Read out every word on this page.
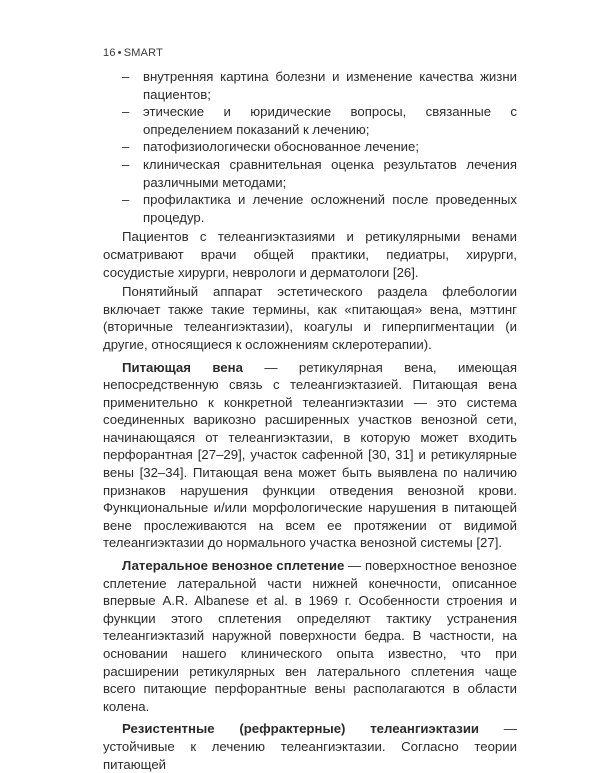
16 • SMART
– внутренняя картина болезни и изменение качества жизни пациентов;
– этические и юридические вопросы, связанные с определением показаний к лечению;
– патофизиологически обоснованное лечение;
– клиническая сравнительная оценка результатов лечения различными методами;
– профилактика и лечение осложнений после проведенных процедур.

Пациентов с телеангиэктазиями и ретикулярными венами осматривают врачи общей практики, педиатры, хирурги, сосудистые хирурги, неврологи и дерматологи [26].

Понятийный аппарат эстетического раздела флебологии включает также такие термины, как «питающая» вена, мэттинг (вторичные телеангиэктазии), коагулы и гиперпигментации (и другие, относящиеся к осложнениям склеротерапии).

Питающая вена — ретикулярная вена, имеющая непосредственную связь с телеангиэктазией. Питающая вена применительно к конкретной телеангиэктазии — это система соединенных варикозно расширенных участков венозной сети, начинающаяся от телеангиэктазии, в которую может входить перфорантная [27–29], участок сафенной [30, 31] и ретикулярные вены [32–34]. Питающая вена может быть выявлена по наличию признаков нарушения функции отведения венозной крови. Функциональные и/или морфологические нарушения в питающей вене прослеживаются на всем ее протяжении от видимой телеангиэктазии до нормального участка венозной системы [27].

Латеральное венозное сплетение — поверхностное венозное сплетение латеральной части нижней конечности, описанное впервые A.R. Albanese et al. в 1969 г. Особенности строения и функции этого сплетения определяют тактику устранения телеангиэктазий наружной поверхности бедра. В частности, на основании нашего клинического опыта известно, что при расширении ретикулярных вен латерального сплетения чаще всего питающие перфорантные вены располагаются в области колена.

Резистентные (рефрактерные) телеангиэктазии — устойчивые к лечению телеангиэктазии. Согласно теории питающей
